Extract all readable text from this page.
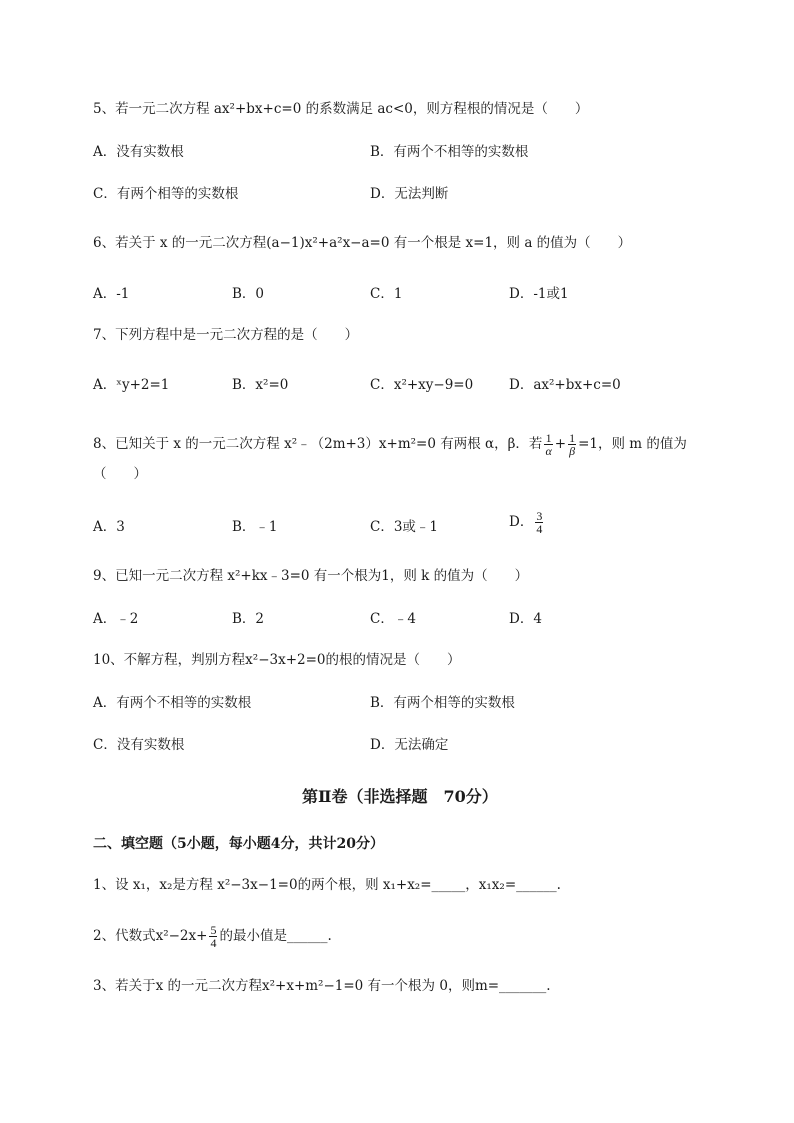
5、若一元二次方程 ax²+bx+c=0 的系数满足 ac<0，则方程根的情况是（　　）
A．没有实数根	B．有两个不相等的实数根
C．有两个相等的实数根	D．无法判断
6、若关于 x 的一元二次方程(a−1)x²+a²x−a=0 有一个根是 x=1，则 a 的值为（　　）
A．-1	B．0	C．1	D．-1或1
7、下列方程中是一元二次方程的是（　　）
A．ˣy+2=1	B．x²=0	C．x²+xy−9=0	D．ax²+bx+c=0
8、已知关于 x 的一元二次方程 x²﹣（2m+3）x+m²=0 有两根 α，β．若 $\frac{1}{\alpha} + \frac{1}{\beta} =1$，则 m 的值为
（　　）
A．3	B．﹣1	C．3或﹣1	D． $\frac{3}{4}$
9、已知一元二次方程 x²+kx﹣3=0 有一个根为1，则 k 的值为（　　）
A．﹣2	B．2	C．﹣4	D．4
10、不解方程，判别方程x²−3x+2=0的根的情况是（　　）
A．有两个不相等的实数根	B．有两个相等的实数根
C．没有实数根	D．无法确定
第Ⅱ卷（非选择题　70分）
二、填空题（5小题，每小题4分，共计20分）
1、设 x₁，x₂是方程 x²−3x−1=0的两个根，则 x₁+x₂=_____，x₁x₂=______.
2、代数式$x^2-2x+ \frac{5}{4}$ 的最小值是______.
3、若关于x 的一元二次方程x²+x+m²−1=0 有一个根为 0，则m=_______.
